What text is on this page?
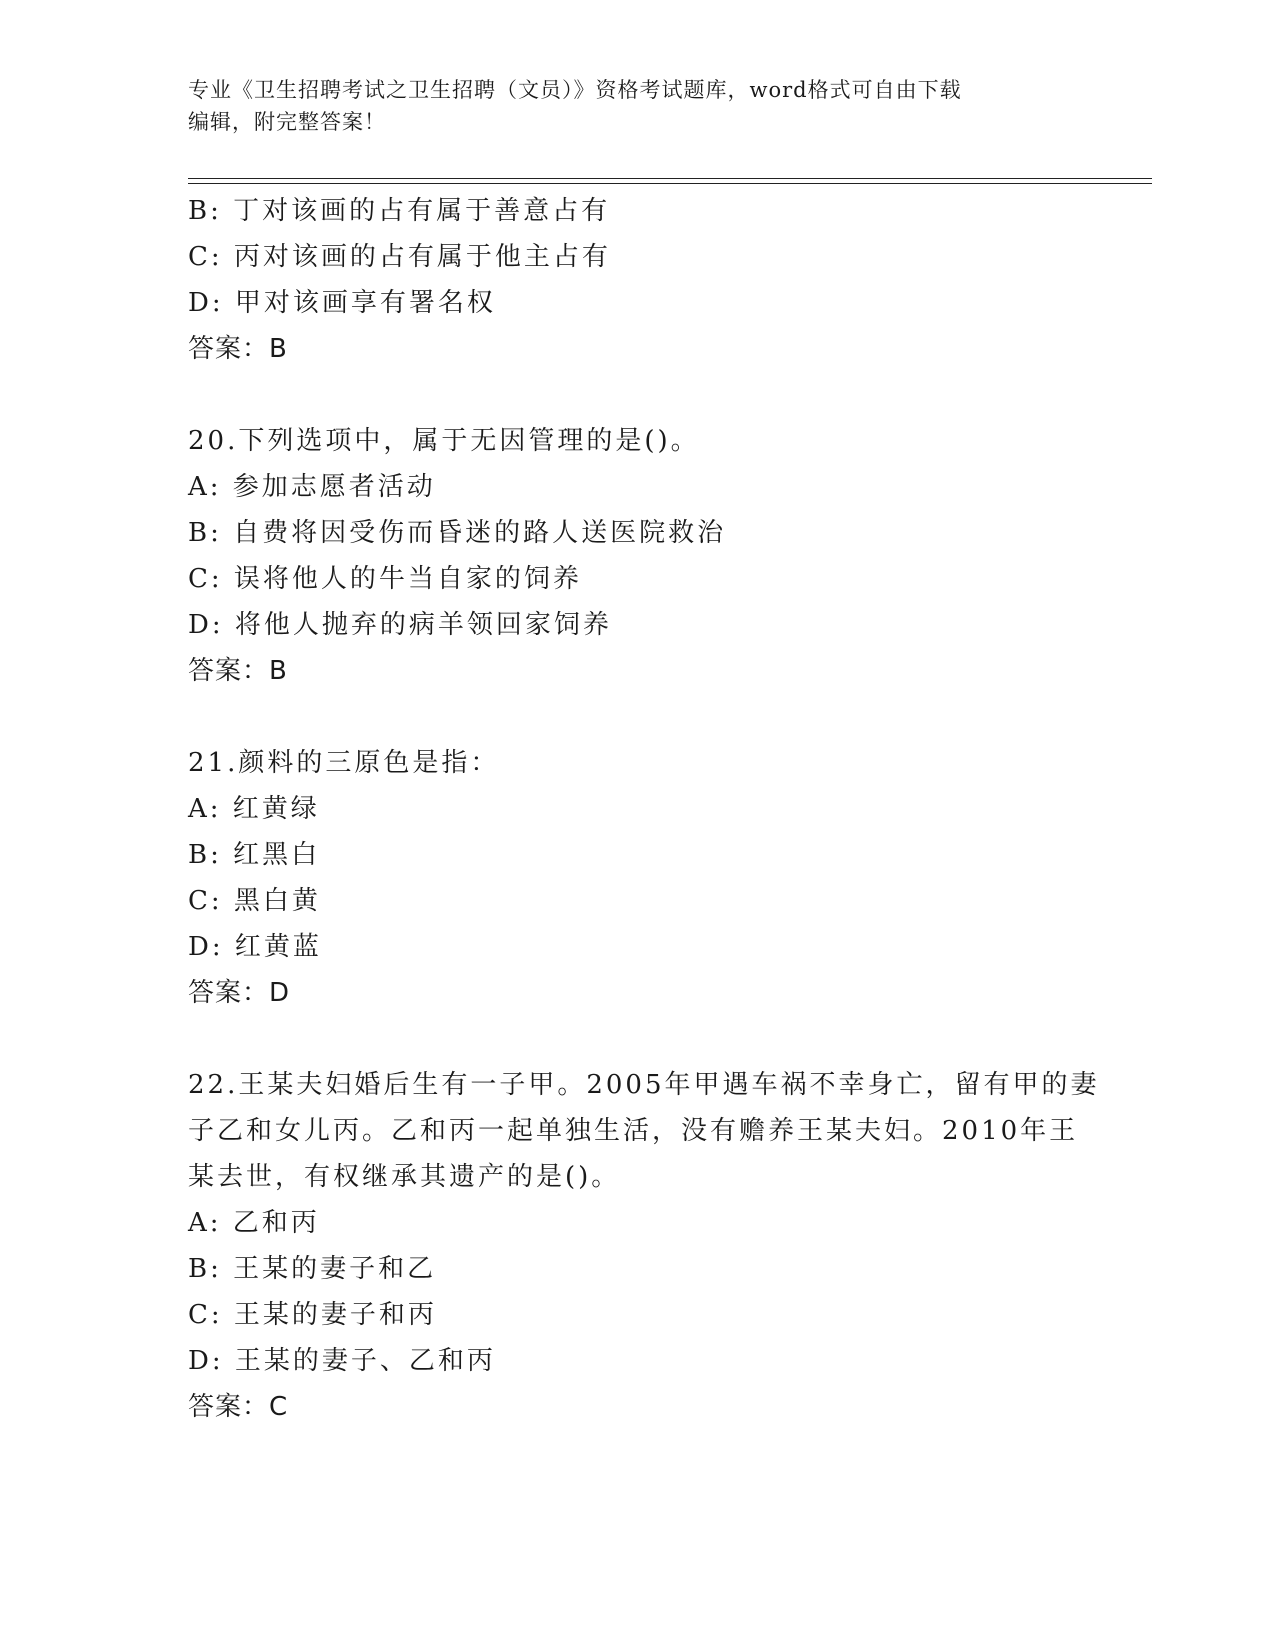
专业《卫生招聘考试之卫生招聘（文员）》资格考试题库，word格式可自由下载
编辑，附完整答案！
B: 丁对该画的占有属于善意占有
C: 丙对该画的占有属于他主占有
D: 甲对该画享有署名权
答案：B
20.下列选项中，属于无因管理的是()。
A: 参加志愿者活动
B: 自费将因受伤而昏迷的路人送医院救治
C: 误将他人的牛当自家的饲养
D: 将他人抛弃的病羊领回家饲养
答案：B
21.颜料的三原色是指：
A: 红黄绿
B: 红黑白
C: 黑白黄
D: 红黄蓝
答案：D
22.王某夫妇婚后生有一子甲。2005年甲遇车祸不幸身亡，留有甲的妻
子乙和女儿丙。乙和丙一起单独生活，没有赡养王某夫妇。2010年王
某去世，有权继承其遗产的是()。
A: 乙和丙
B: 王某的妻子和乙
C: 王某的妻子和丙
D: 王某的妻子、乙和丙
答案：C
